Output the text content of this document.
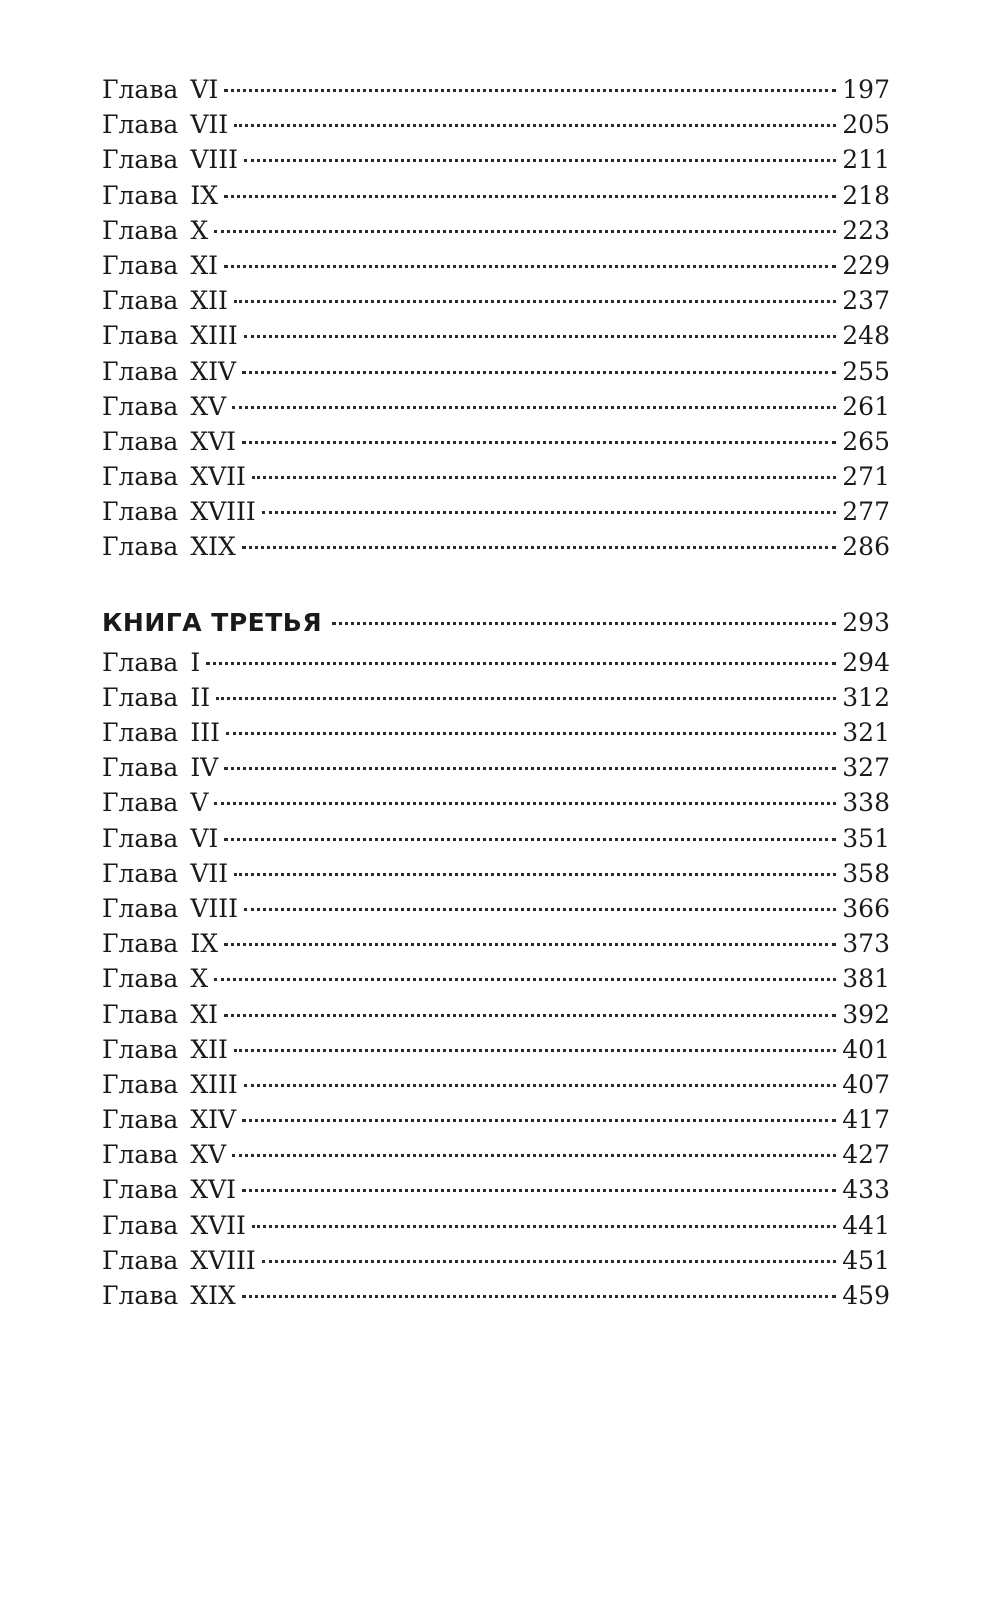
Глава VI	197
Глава VII	205
Глава VIII	211
Глава IX	218
Глава X	223
Глава XI	229
Глава XII	237
Глава XIII	248
Глава XIV	255
Глава XV	261
Глава XVI	265
Глава XVII	271
Глава XVIII	277
Глава XIX	286
КНИГА ТРЕТЬЯ	293
Глава I	294
Глава II	312
Глава III	321
Глава IV	327
Глава V	338
Глава VI	351
Глава VII	358
Глава VIII	366
Глава IX	373
Глава X	381
Глава XI	392
Глава XII	401
Глава XIII	407
Глава XIV	417
Глава XV	427
Глава XVI	433
Глава XVII	441
Глава XVIII	451
Глава XIX	459
